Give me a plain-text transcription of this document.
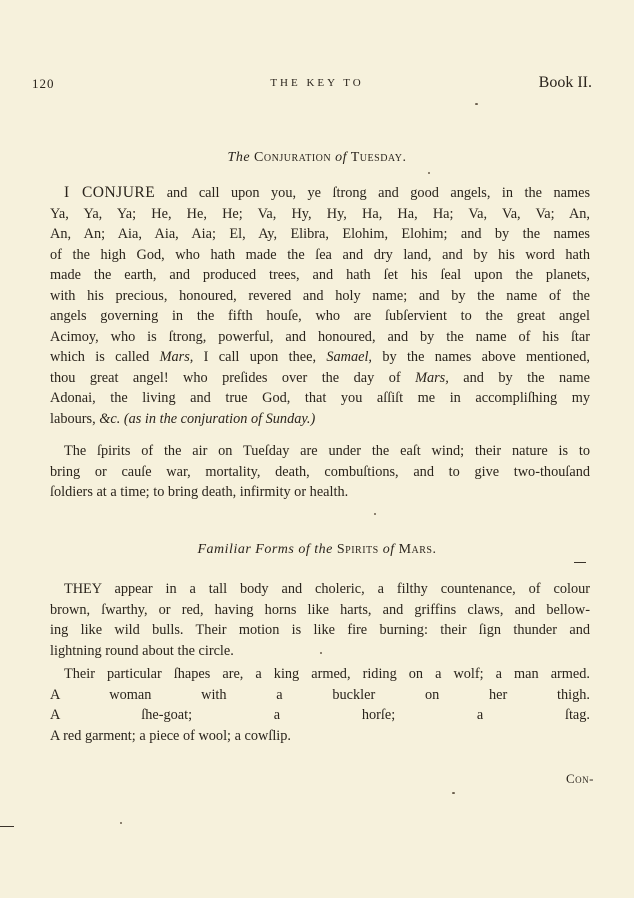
120	THE KEY TO	Book II.
The Conjuration of Tuesday.
I CONJURE and call upon you, ye ſtrong and good angels, in the names
Ya, Ya, Ya; He, He, He; Va, Hy, Hy, Ha, Ha, Ha; Va, Va, Va; An,
An, An; Aia, Aia, Aia; El, Ay, Elibra, Elohim, Elohim; and by the names
of the high God, who hath made the ſea and dry land, and by his word hath
made the earth, and produced trees, and hath ſet his ſeal upon the planets,
with his precious, honoured, revered and holy name; and by the name of the
angels governing in the fifth houſe, who are ſubſervient to the great angel
Acimoy, who is ſtrong, powerful, and honoured, and by the name of his ſtar
which is called Mars, I call upon thee, Samael, by the names above mentioned,
thou great angel! who preſides over the day of Mars, and by the name
Adonai, the living and true God, that you aſſiſt me in accompliſhing my
labours, &c. (as in the conjuration of Sunday.)
The ſpirits of the air on Tueſday are under the eaſt wind; their nature is to
bring or cauſe war, mortality, death, combuſtions, and to give two-thouſand
ſoldiers at a time; to bring death, infirmity or health.
Familiar Forms of the Spirits of Mars.
THEY appear in a tall body and choleric, a filthy countenance, of colour
brown, ſwarthy, or red, having horns like harts, and griffins claws, and bellow-
ing like wild bulls. Their motion is like fire burning: their ſign thunder and
lightning round about the circle.
Their particular ſhapes are, a king armed, riding on a wolf; a man armed.
A woman with a buckler on her thigh.
A ſhe-goat; a horſe; a ſtag.
A red garment; a piece of wool; a cowſlip.
Con-
